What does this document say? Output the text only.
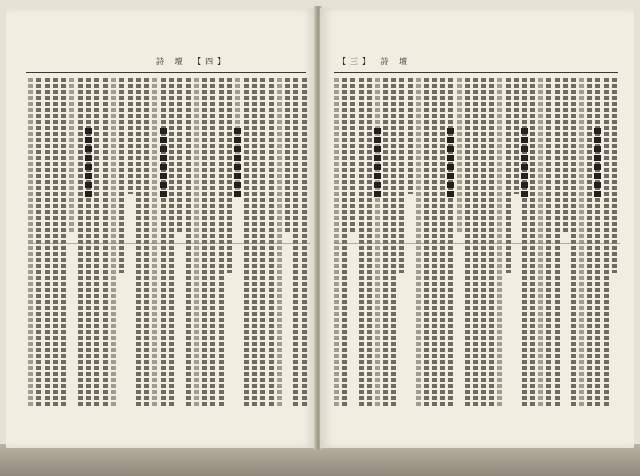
詩 壇 【四】	【三】 詩 壇
